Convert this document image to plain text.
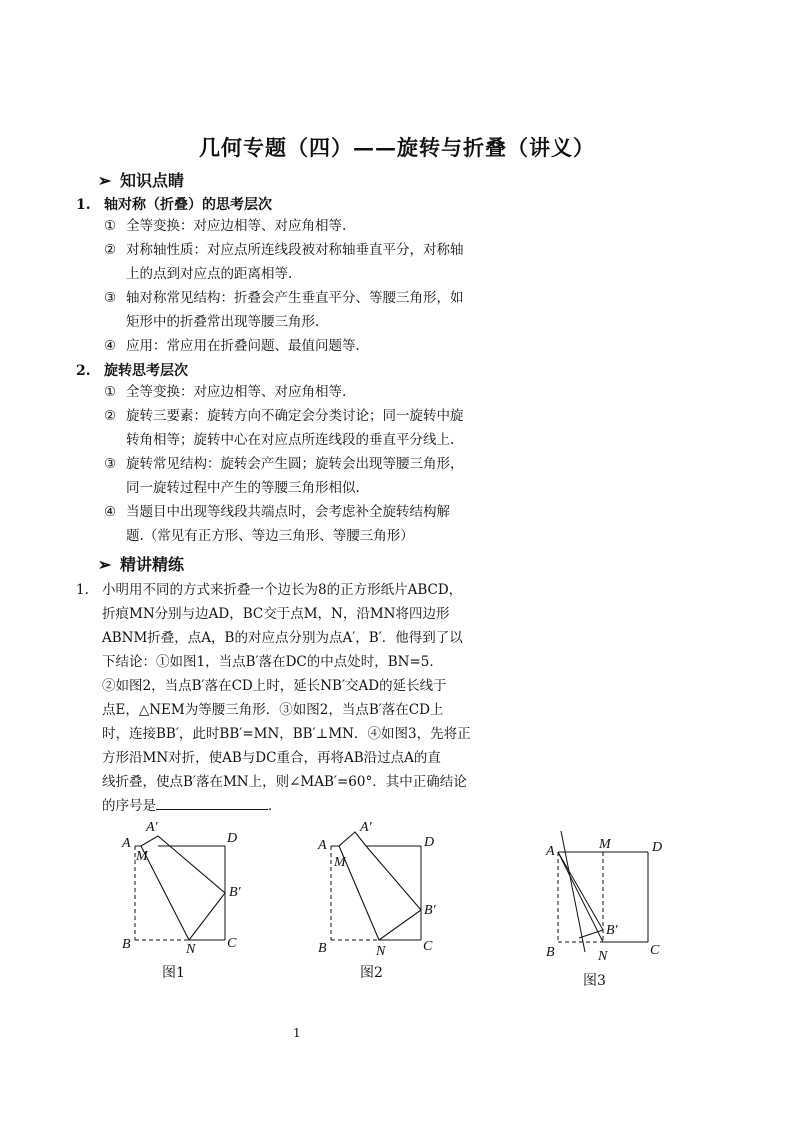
几何专题（四）——旋转与折叠（讲义）
➢ 知识点睛
1. 轴对称（折叠）的思考层次
① 全等变换：对应边相等、对应角相等.
② 对称轴性质：对应点所连线段被对称轴垂直平分，对称轴
上的点到对应点的距离相等.
③ 轴对称常见结构：折叠会产生垂直平分、等腰三角形，如
矩形中的折叠常出现等腰三角形.
④ 应用：常应用在折叠问题、最值问题等.
2. 旋转思考层次
① 全等变换：对应边相等、对应角相等.
② 旋转三要素：旋转方向不确定会分类讨论；同一旋转中旋
转角相等；旋转中心在对应点所连线段的垂直平分线上.
③ 旋转常见结构：旋转会产生圆；旋转会出现等腰三角形，
同一旋转过程中产生的等腰三角形相似.
④ 当题目中出现等线段共端点时，会考虑补全旋转结构解
题.（常见有正方形、等边三角形、等腰三角形）
➢ 精讲精练
1. 小明用不同的方式来折叠一个边长为8的正方形纸片ABCD，
折痕MN分别与边AD，BC交于点M，N，沿MN将四边形
ABNM折叠，点A，B的对应点分别为点A′，B′．他得到了以
下结论：①如图1，当点B′落在DC的中点处时，BN=5．
②如图2，当点B′落在CD上时，延长NB′交AD的延长线于
点E，△NEM为等腰三角形．③如图2，当点B′落在CD上
时，连接BB′，此时BB′=MN，BB′⊥MN．④如图3，先将正
方形沿MN对折，使AB与DC重合，再将AB沿过点A的直
线折叠，使点B′落在MN上，则∠MAB′=60°．其中正确结论
的序号是	．
A
A′
M
D
B′
B	N C
图1
A
A′
M
D
B′
B	N	C
图2
A	M	D
B′
B	N	C
图3
1
